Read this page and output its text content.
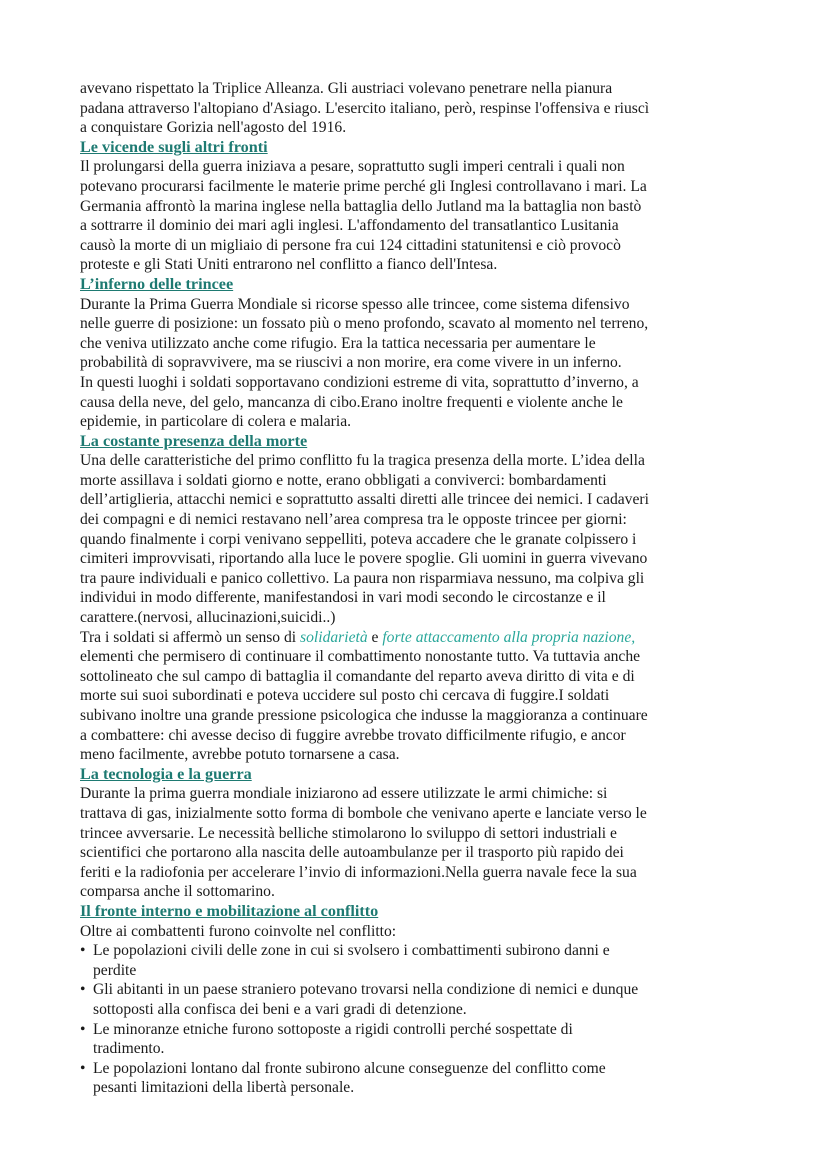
avevano rispettato la Triplice Alleanza. Gli austriaci volevano penetrare nella pianura
padana attraverso l'altopiano d'Asiago. L'esercito italiano, però, respinse l'offensiva e riuscì
a conquistare Gorizia nell'agosto del 1916.
Le vicende sugli altri fronti
Il prolungarsi della guerra iniziava a pesare, soprattutto sugli imperi centrali i quali non
potevano procurarsi facilmente le materie prime perché gli Inglesi controllavano i mari. La
Germania affrontò la marina inglese nella battaglia dello Jutland ma la battaglia non bastò
a sottrarre il dominio dei mari agli inglesi. L'affondamento del transatlantico Lusitania
causò la morte di un migliaio di persone fra cui 124 cittadini statunitensi e ciò provocò
proteste e gli Stati Uniti entrarono nel conflitto a fianco dell'Intesa.
L’inferno delle trincee
Durante la Prima Guerra Mondiale si ricorse spesso alle trincee, come sistema difensivo
nelle guerre di posizione: un fossato più o meno profondo, scavato al momento nel terreno,
che veniva utilizzato anche come rifugio. Era la tattica necessaria per aumentare le
probabilità di sopravvivere, ma se riuscivi a non morire, era come vivere in un inferno.
In questi luoghi i soldati sopportavano condizioni estreme di vita, soprattutto d’inverno, a
causa della neve, del gelo, mancanza di cibo.Erano inoltre frequenti e violente anche le
epidemie, in particolare di colera e malaria.
La costante presenza della morte
Una delle caratteristiche del primo conflitto fu la tragica presenza della morte. L’idea della
morte assillava i soldati giorno e notte, erano obbligati a conviverci: bombardamenti
dell’artiglieria, attacchi nemici e soprattutto assalti diretti alle trincee dei nemici. I cadaveri
dei compagni e di nemici restavano nell’area compresa tra le opposte trincee per giorni:
quando finalmente i corpi venivano seppelliti, poteva accadere che le granate colpissero i
cimiteri improvvisati, riportando alla luce le povere spoglie. Gli uomini in guerra vivevano
tra paure individuali e panico collettivo. La paura non risparmiava nessuno, ma colpiva gli
individui in modo differente, manifestandosi in vari modi secondo le circostanze e il
carattere.(nervosi, allucinazioni,suicidi..)
Tra i soldati si affermò un senso di solidarietà e forte attaccamento alla propria nazione,
elementi che permisero di continuare il combattimento nonostante tutto. Va tuttavia anche
sottolineato che sul campo di battaglia il comandante del reparto aveva diritto di vita e di
morte sui suoi subordinati e poteva uccidere sul posto chi cercava di fuggire.I soldati
subivano inoltre una grande pressione psicologica che indusse la maggioranza a continuare
a combattere: chi avesse deciso di fuggire avrebbe trovato difficilmente rifugio, e ancor
meno facilmente, avrebbe potuto tornarsene a casa.
La tecnologia e la guerra
Durante la prima guerra mondiale iniziarono ad essere utilizzate le armi chimiche: si
trattava di gas, inizialmente sotto forma di bombole che venivano aperte e lanciate verso le
trincee avversarie. Le necessità belliche stimolarono lo sviluppo di settori industriali e
scientifici che portarono alla nascita delle autoambulanze per il trasporto più rapido dei
feriti e la radiofonia per accelerare l’invio di informazioni.Nella guerra navale fece la sua
comparsa anche il sottomarino.
Il fronte interno e mobilitazione al conflitto
Oltre ai combattenti furono coinvolte nel conflitto:
• Le popolazioni civili delle zone in cui si svolsero i combattimenti subirono danni e
perdite
• Gli abitanti in un paese straniero potevano trovarsi nella condizione di nemici e dunque
sottoposti alla confisca dei beni e a vari gradi di detenzione.
• Le minoranze etniche furono sottoposte a rigidi controlli perché sospettate di
tradimento.
• Le popolazioni lontano dal fronte subirono alcune conseguenze del conflitto come
pesanti limitazioni della libertà personale.
